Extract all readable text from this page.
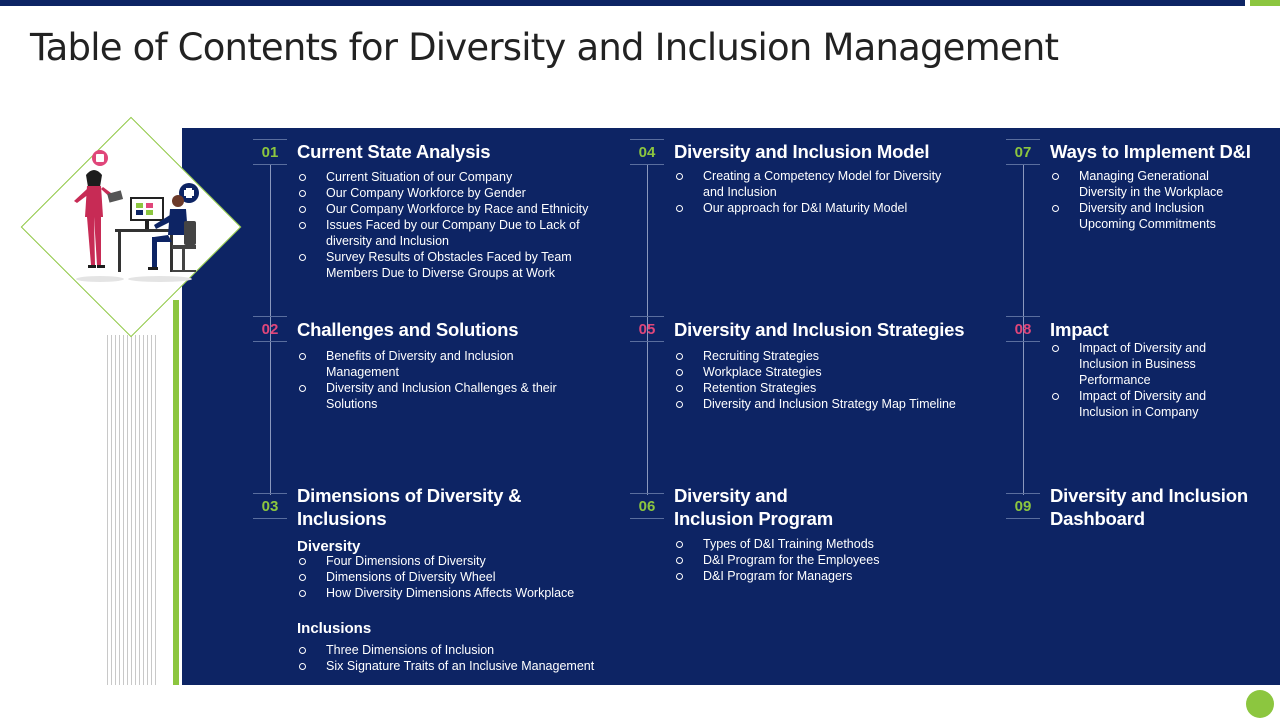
Table of Contents for Diversity and Inclusion Management
01	Current State Analysis
Current Situation of our Company
Our Company Workforce by Gender
Our Company Workforce by Race and Ethnicity
Issues Faced by our Company Due to Lack of diversity and Inclusion
Survey Results of Obstacles Faced by Team Members Due to Diverse Groups at Work
02	Challenges and Solutions
Benefits of Diversity and Inclusion Management
Diversity and Inclusion Challenges & their Solutions
03
Dimensions of Diversity & Inclusions
Diversity
Four Dimensions of Diversity
Dimensions of Diversity Wheel
How Diversity Dimensions Affects Workplace
Inclusions
Three Dimensions of Inclusion
Six Signature Traits of an Inclusive Management
04	Diversity and Inclusion Model
Creating a Competency Model for Diversity and Inclusion
Our approach for D&I Maturity Model
05	Diversity and Inclusion Strategies
Recruiting Strategies
Workplace Strategies
Retention Strategies
Diversity and Inclusion Strategy Map Timeline
06
Diversity and Inclusion Program
Types of D&I Training Methods
D&I Program for the Employees
D&I Program for Managers
07	Ways to Implement D&I
Managing Generational Diversity in the Workplace
Diversity and Inclusion Upcoming Commitments
08	Impact
Impact of Diversity and Inclusion in Business Performance
Impact of Diversity and Inclusion in Company
09
Diversity and Inclusion Dashboard
